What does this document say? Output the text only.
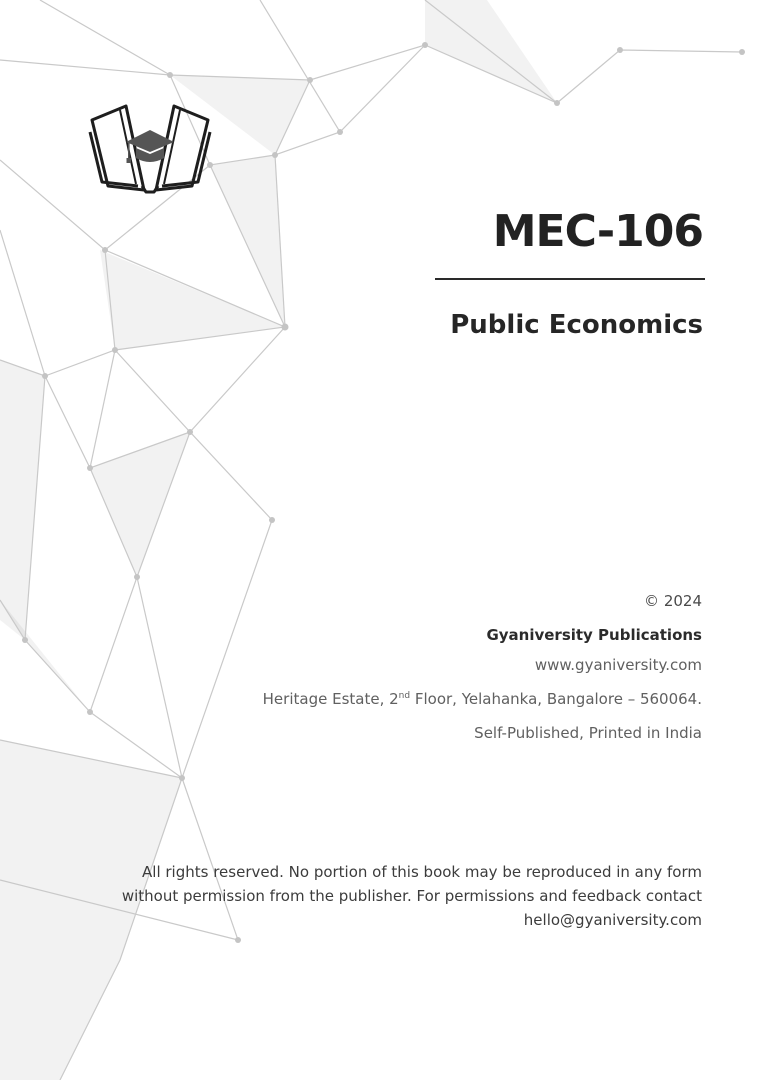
MEC-106
Public Economics

© 2024

Gyaniversity Publications

www.gyaniversity.com

Heritage Estate, 2nd Floor, Yelahanka, Bangalore – 560064.

Self-Published, Printed in India

All rights reserved. No portion of this book may be reproduced in any form without permission from the publisher. For permissions and feedback contact hello@gyaniversity.com
